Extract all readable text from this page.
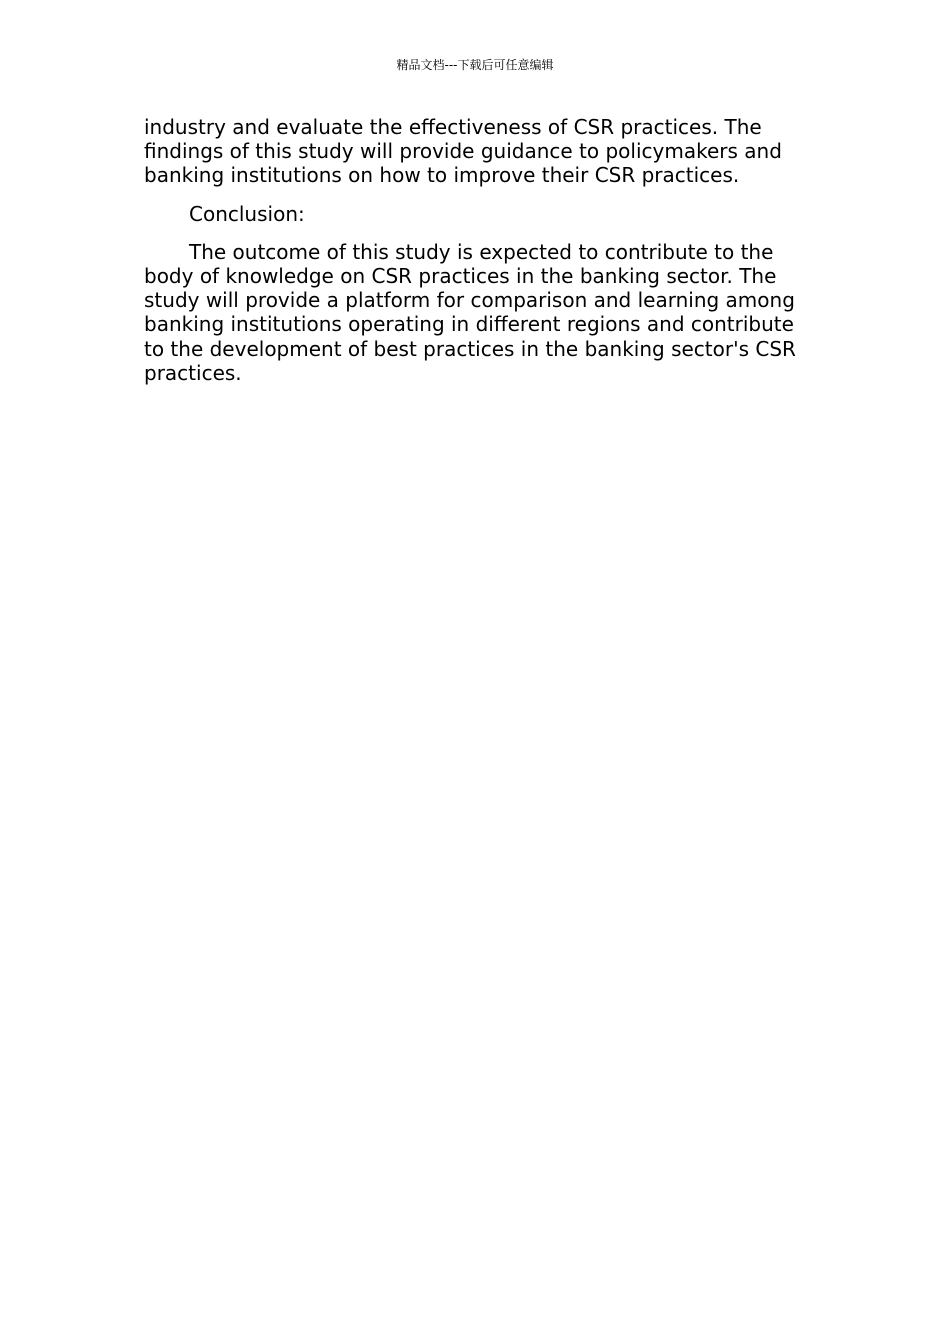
精品文档---下载后可任意编辑

industry and evaluate the effectiveness of CSR practices. The findings of this study will provide guidance to policymakers and banking institutions on how to improve their CSR practices.

Conclusion:

The outcome of this study is expected to contribute to the body of knowledge on CSR practices in the banking sector. The study will provide a platform for comparison and learning among banking institutions operating in different regions and contribute to the development of best practices in the banking sector's CSR practices.
